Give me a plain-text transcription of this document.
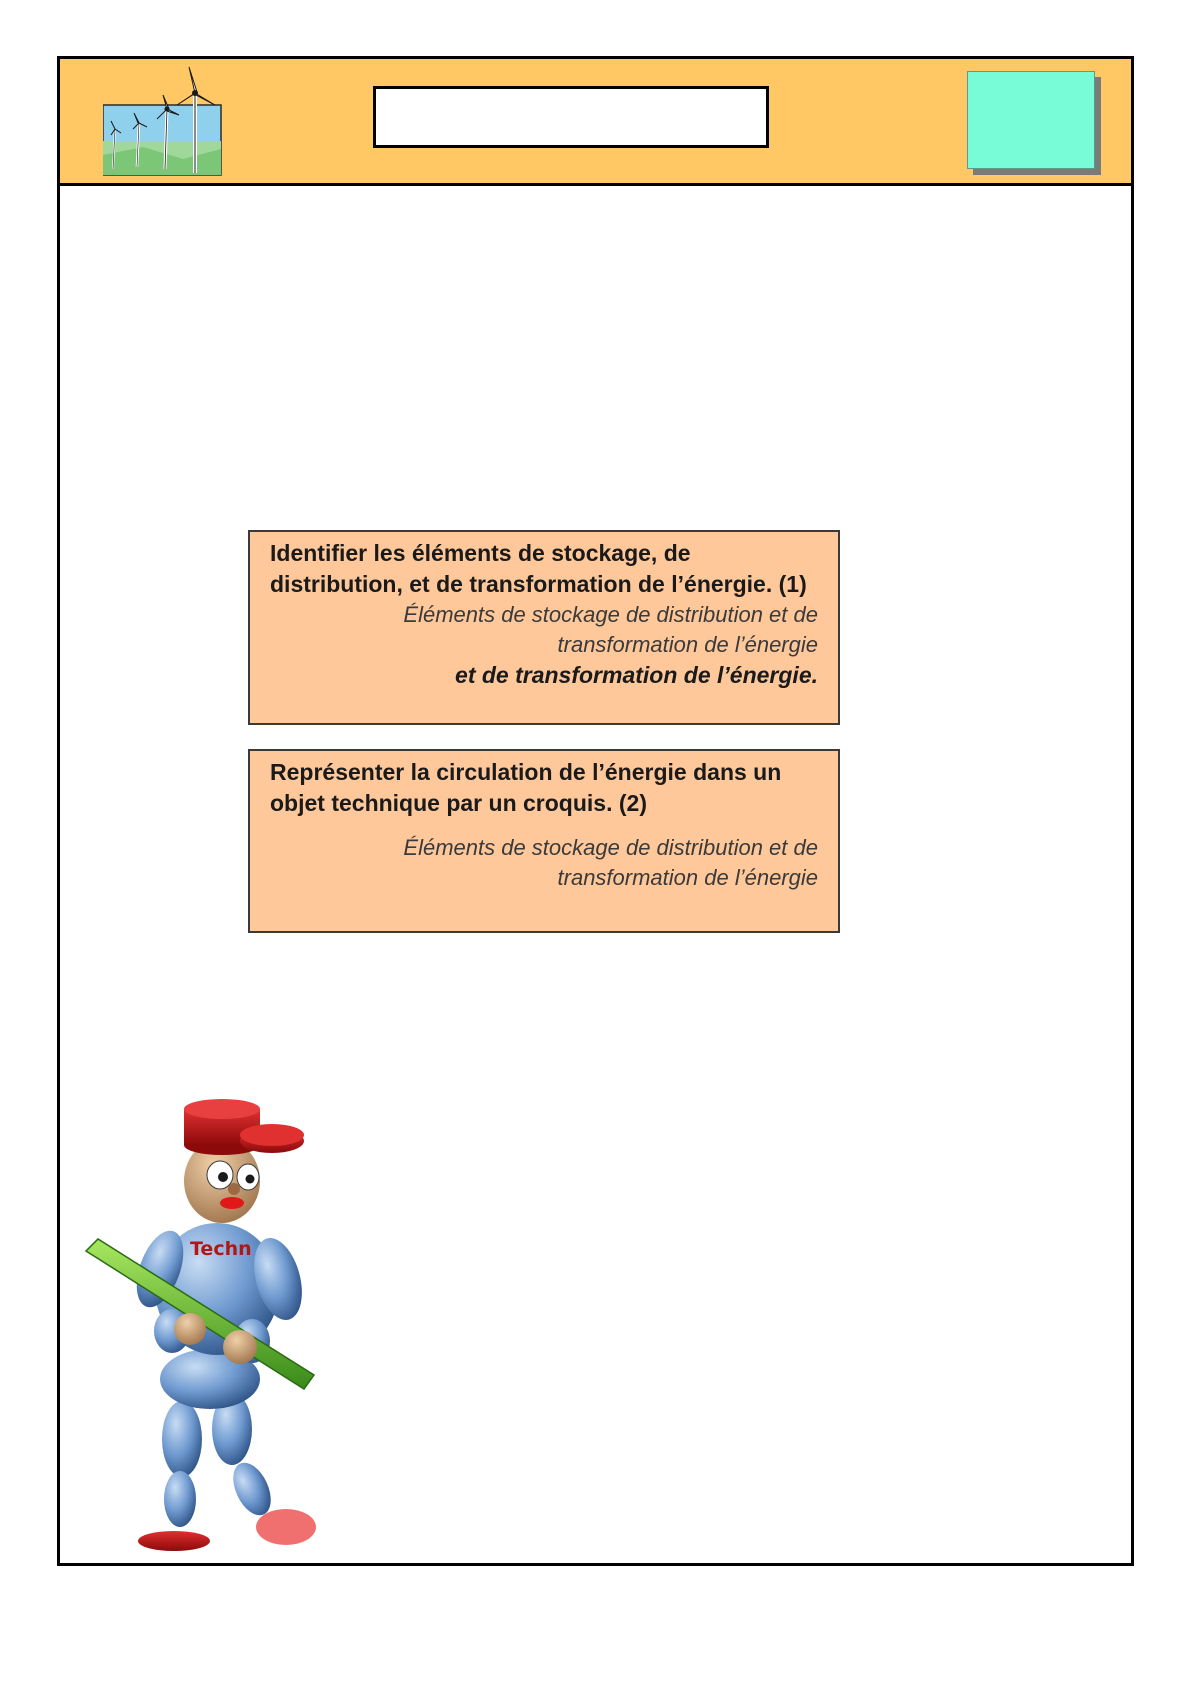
Identifier les éléments de stockage, de distribution, et de transformation de l’énergie. (1)

Éléments de stockage de distribution et de

transformation de l’énergie

et de transformation de l’énergie.

Représenter la circulation de l’énergie dans un objet technique par un croquis. (2)

Éléments de stockage de distribution et de

transformation de l’énergie

Techn
